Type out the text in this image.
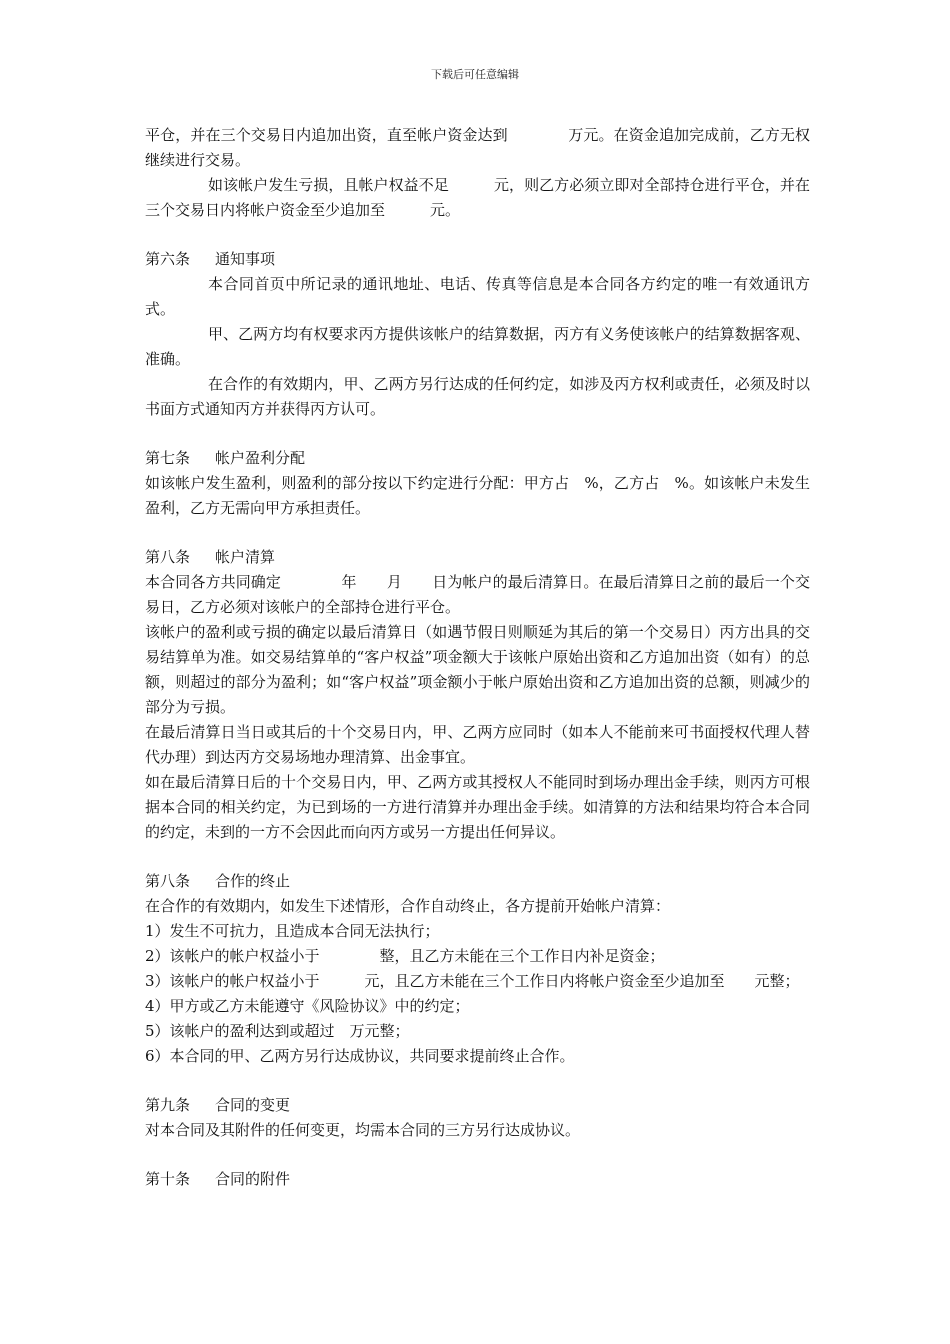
下载后可任意编辑

平仓，并在三个交易日内追加出资，直至帐户资金达到　　　　万元。在资金追加完成前，乙方无权继续进行交易。

如该帐户发生亏损，且帐户权益不足　　　元，则乙方必须立即对全部持仓进行平仓，并在三个交易日内将帐户资金至少追加至　　　元。

第六条 通知事项

本合同首页中所记录的通讯地址、电话、传真等信息是本合同各方约定的唯一有效通讯方式。

甲、乙两方均有权要求丙方提供该帐户的结算数据，丙方有义务使该帐户的结算数据客观、准确。

在合作的有效期内，甲、乙两方另行达成的任何约定，如涉及丙方权利或责任，必须及时以书面方式通知丙方并获得丙方认可。

第七条 帐户盈利分配

如该帐户发生盈利，则盈利的部分按以下约定进行分配：甲方占　%，乙方占　%。如该帐户未发生盈利，乙方无需向甲方承担责任。

第八条 帐户清算

本合同各方共同确定　　　　年　　月　　日为帐户的最后清算日。在最后清算日之前的最后一个交易日，乙方必须对该帐户的全部持仓进行平仓。

该帐户的盈利或亏损的确定以最后清算日（如遇节假日则顺延为其后的第一个交易日）丙方出具的交易结算单为准。如交易结算单的“客户权益”项金额大于该帐户原始出资和乙方追加出资（如有）的总额，则超过的部分为盈利；如“客户权益”项金额小于帐户原始出资和乙方追加出资的总额，则减少的部分为亏损。

在最后清算日当日或其后的十个交易日内，甲、乙两方应同时（如本人不能前来可书面授权代理人替代办理）到达丙方交易场地办理清算、出金事宜。

如在最后清算日后的十个交易日内，甲、乙两方或其授权人不能同时到场办理出金手续，则丙方可根据本合同的相关约定，为已到场的一方进行清算并办理出金手续。如清算的方法和结果均符合本合同的约定，未到的一方不会因此而向丙方或另一方提出任何异议。

第八条 合作的终止

在合作的有效期内，如发生下述情形，合作自动终止，各方提前开始帐户清算：

1）发生不可抗力，且造成本合同无法执行；

2）该帐户的帐户权益小于　　　　整，且乙方未能在三个工作日内补足资金；

3）该帐户的帐户权益小于　　　元，且乙方未能在三个工作日内将帐户资金至少追加至　　元整；

4）甲方或乙方未能遵守《风险协议》中的约定；

5）该帐户的盈利达到或超过　万元整；

6）本合同的甲、乙两方另行达成协议，共同要求提前终止合作。

第九条 合同的变更

对本合同及其附件的任何变更，均需本合同的三方另行达成协议。

第十条 合同的附件
